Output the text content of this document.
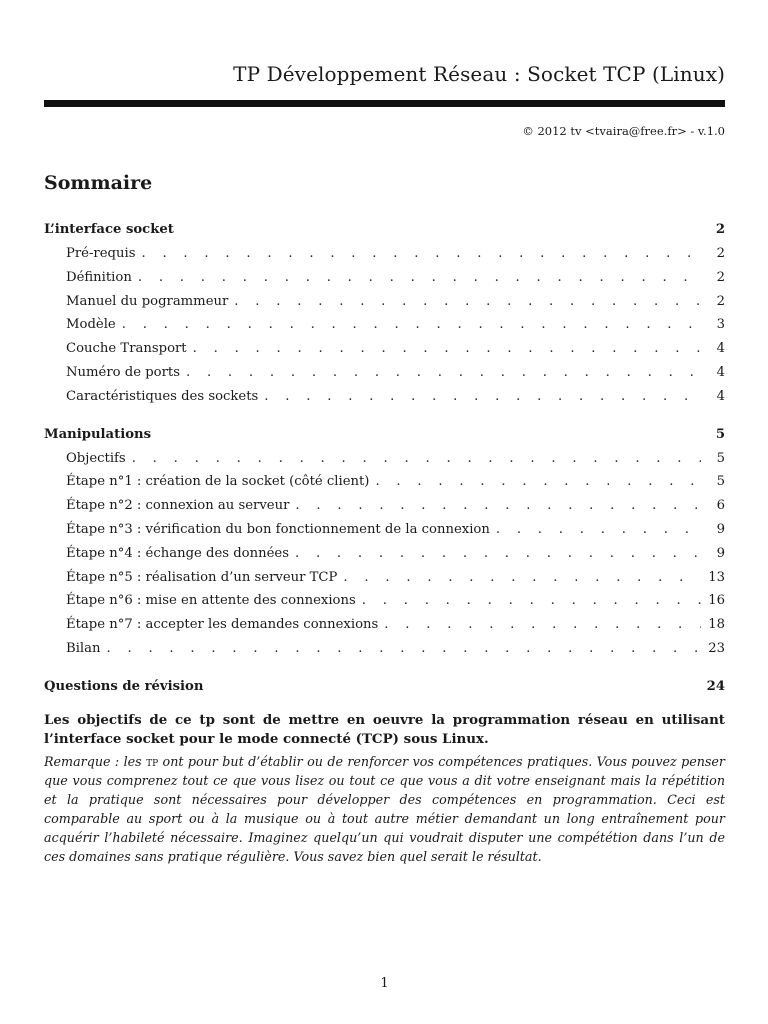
TP Développement Réseau : Socket TCP (Linux)
© 2012 tv <tvaira@free.fr> - v.1.0
Sommaire
L’interface socket	2
Pré-requis . . .	2
Définition . . .	2
Manuel du pogrammeur . . .	2
Modèle . . .	3
Couche Transport . . .	4
Numéro de ports . . .	4
Caractéristiques des sockets . . .	4
Manipulations	5
Objectifs . . .	5
Étape n°1 : création de la socket (côté client) . . .	5
Étape n°2 : connexion au serveur . . .	6
Étape n°3 : vérification du bon fonctionnement de la connexion . . .	9
Étape n°4 : échange des données . . .	9
Étape n°5 : réalisation d’un serveur TCP . . .	13
Étape n°6 : mise en attente des connexions . . .	16
Étape n°7 : accepter les demandes connexions . . .	18
Bilan . . .	23
Questions de révision	24

Les objectifs de ce tp sont de mettre en oeuvre la programmation réseau en utilisant l’interface socket pour le mode connecté (TCP) sous Linux.

Remarque : les tp ont pour but d’établir ou de renforcer vos compétences pratiques. Vous pouvez penser que vous comprenez tout ce que vous lisez ou tout ce que vous a dit votre enseignant mais la répétition et la pratique sont nécessaires pour développer des compétences en programmation. Ceci est comparable au sport ou à la musique ou à tout autre métier demandant un long entraînement pour acquérir l’habileté nécessaire. Imaginez quelqu’un qui voudrait disputer une compététion dans l’un de ces domaines sans pratique régulière. Vous savez bien quel serait le résultat.

1
